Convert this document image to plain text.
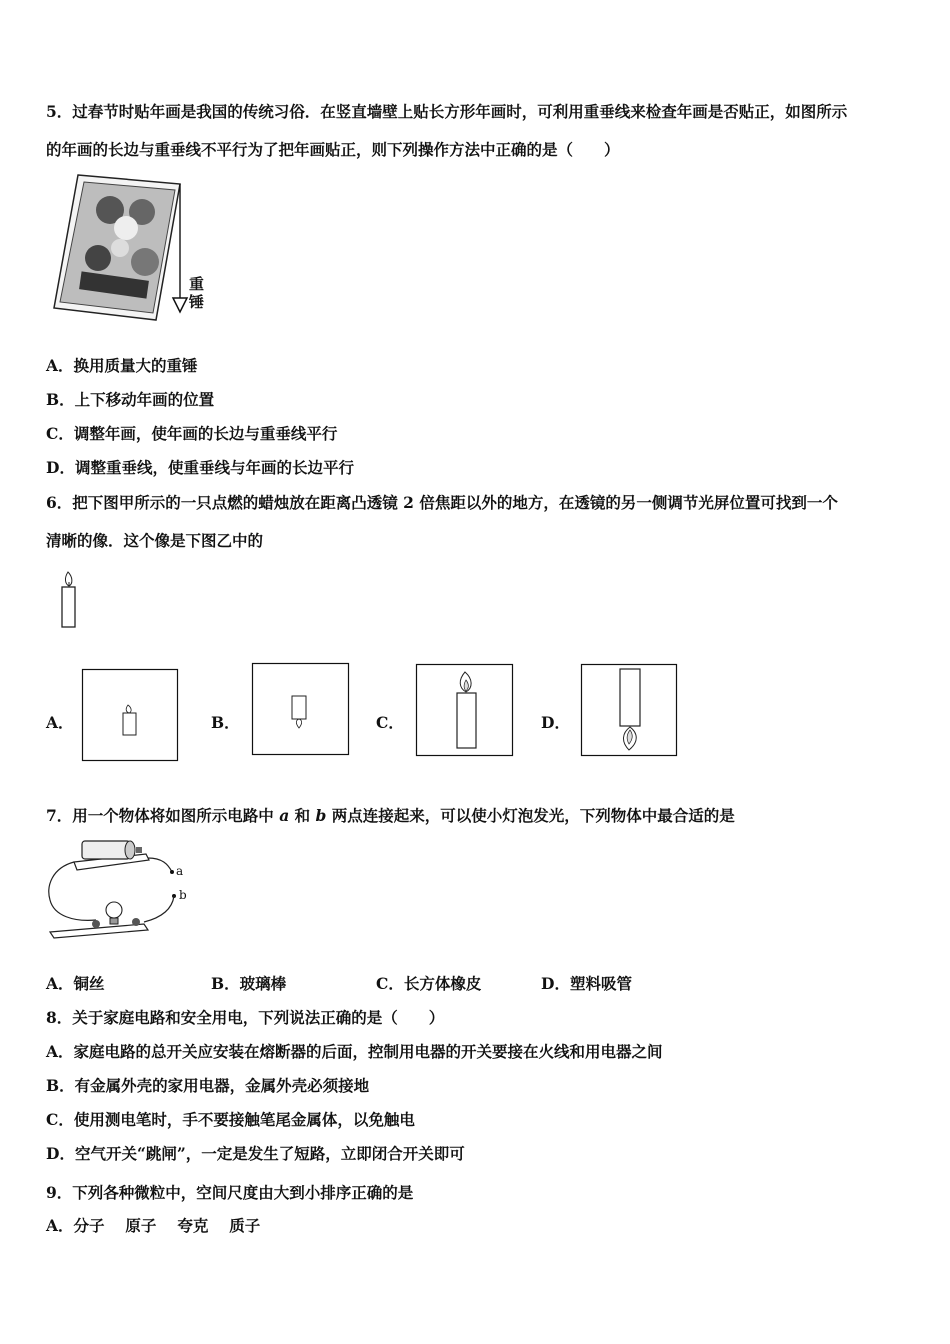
5．过春节时贴年画是我国的传统习俗．在竖直墙壁上贴长方形年画时，可利用重垂线来检查年画是否贴正，如图所示
的年画的长边与重垂线不平行为了把年画贴正，则下列操作方法中正确的是（　　）
重
锤
A．换用质量大的重锤
B．上下移动年画的位置
C．调整年画，使年画的长边与重垂线平行
D．调整重垂线，使重垂线与年画的长边平行
6．把下图甲所示的一只点燃的蜡烛放在距离凸透镜 2 倍焦距以外的地方，在透镜的另一侧调节光屏位置可找到一个
清晰的像．这个像是下图乙中的
A．	B．	C．	D．
7．用一个物体将如图所示电路中 a 和 b 两点连接起来，可以使小灯泡发光，下列物体中最合适的是
a
b
A．铜丝	B．玻璃棒	C．长方体橡皮	D．塑料吸管
8．关于家庭电路和安全用电，下列说法正确的是（　　）
A．家庭电路的总开关应安装在熔断器的后面，控制用电器的开关要接在火线和用电器之间
B．有金属外壳的家用电器，金属外壳必须接地
C．使用测电笔时，手不要接触笔尾金属体，以免触电
D．空气开关“跳闸”，一定是发生了短路，立即闭合开关即可
9．下列各种微粒中，空间尺度由大到小排序正确的是
A．分子　 原子　 夸克　 质子
